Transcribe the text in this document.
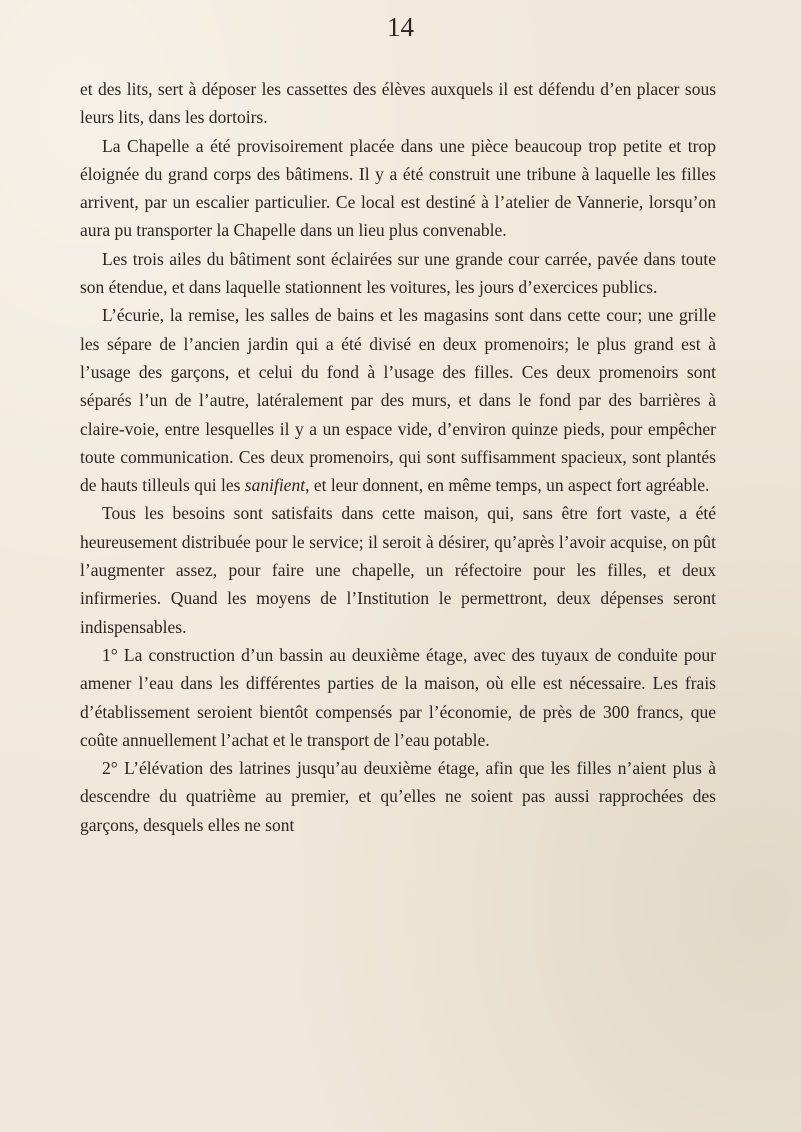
14

et des lits, sert à déposer les cassettes des élèves auxquels il est défendu d’en placer sous leurs lits, dans les dortoirs.

La Chapelle a été provisoirement placée dans une pièce beaucoup trop petite et trop éloignée du grand corps des bâtimens. Il y a été construit une tribune à laquelle les filles arrivent, par un escalier particulier. Ce local est destiné à l’atelier de Vannerie, lorsqu’on aura pu transporter la Chapelle dans un lieu plus convenable.

Les trois ailes du bâtiment sont éclairées sur une grande cour carrée, pavée dans toute son étendue, et dans laquelle stationnent les voitures, les jours d’exercices publics.

L’écurie, la remise, les salles de bains et les magasins sont dans cette cour; une grille les sépare de l’ancien jardin qui a été divisé en deux promenoirs; le plus grand est à l’usage des garçons, et celui du fond à l’usage des filles. Ces deux promenoirs sont séparés l’un de l’autre, latéralement par des murs, et dans le fond par des barrières à claire-voie, entre lesquelles il y a un espace vide, d’environ quinze pieds, pour empêcher toute communication. Ces deux promenoirs, qui sont suffisamment spacieux, sont plantés de hauts tilleuls qui les sanifient, et leur donnent, en même temps, un aspect fort agréable.

Tous les besoins sont satisfaits dans cette maison, qui, sans être fort vaste, a été heureusement distribuée pour le service; il seroit à désirer, qu’après l’avoir acquise, on pût l’augmenter assez, pour faire une chapelle, un réfectoire pour les filles, et deux infirmeries. Quand les moyens de l’Institution le permettront, deux dépenses seront indispensables.

1° La construction d’un bassin au deuxième étage, avec des tuyaux de conduite pour amener l’eau dans les différentes parties de la maison, où elle est nécessaire. Les frais d’établissement seroient bientôt compensés par l’économie, de près de 300 francs, que coûte annuellement l’achat et le transport de l’eau potable.

2° L’élévation des latrines jusqu’au deuxième étage, afin que les filles n’aient plus à descendre du quatrième au premier, et qu’elles ne soient pas aussi rapprochées des garçons, desquels elles ne sont
